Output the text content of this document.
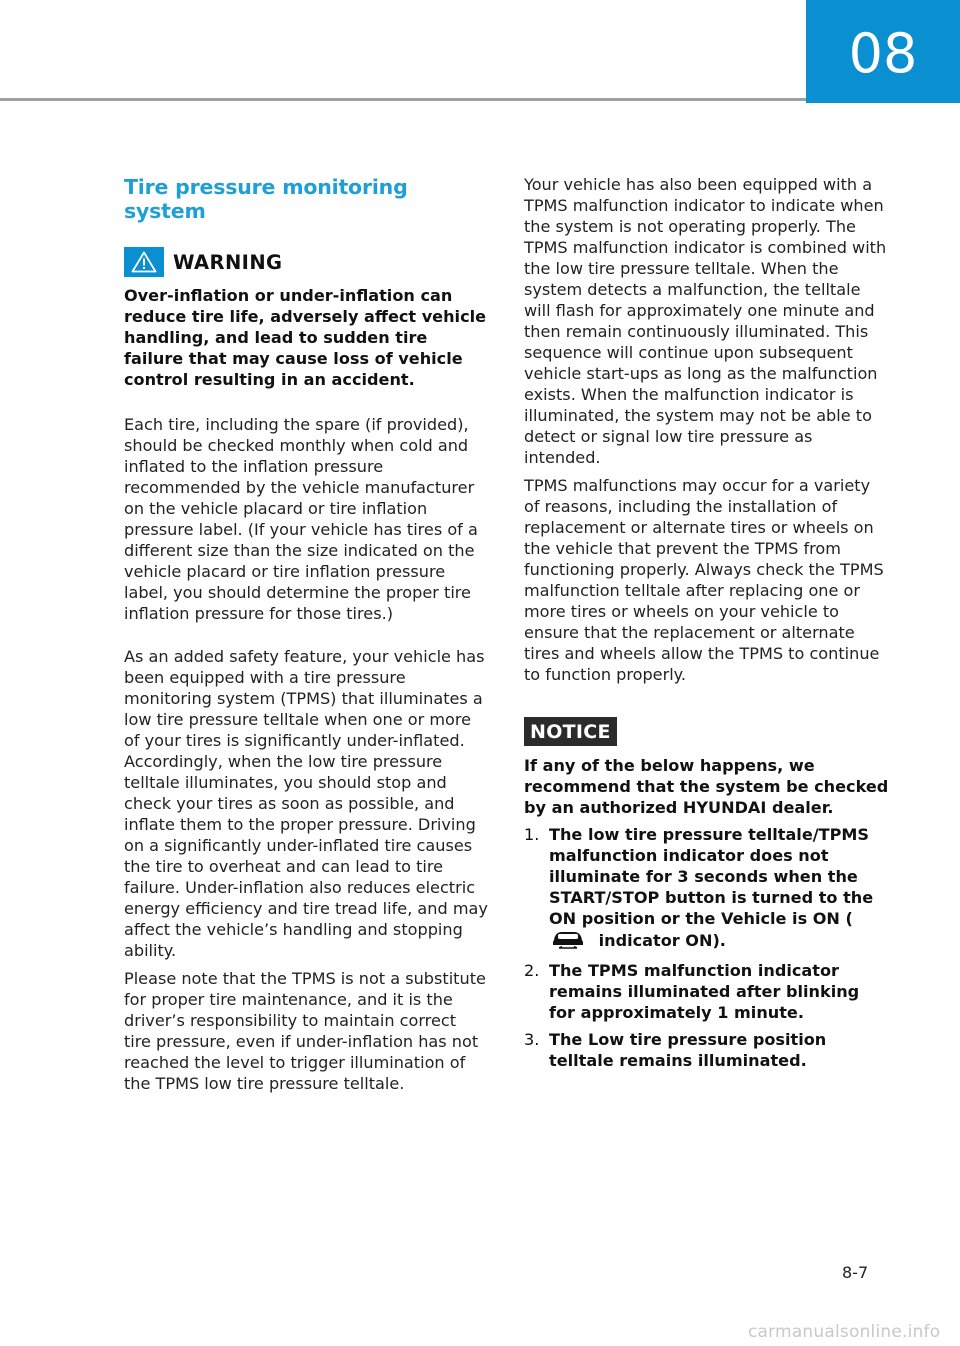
08
Tire pressure monitoring system
WARNING
Over-inflation or under-inflation can reduce tire life, adversely affect vehicle handling, and lead to sudden tire failure that may cause loss of vehicle control resulting in an accident.

Each tire, including the spare (if provided), should be checked monthly when cold and inflated to the inflation pressure recommended by the vehicle manufacturer on the vehicle placard or tire inflation pressure label. (If your vehicle has tires of a different size than the size indicated on the vehicle placard or tire inflation pressure label, you should determine the proper tire inflation pressure for those tires.)

As an added safety feature, your vehicle has been equipped with a tire pressure monitoring system (TPMS) that illuminates a low tire pressure telltale when one or more of your tires is significantly under-inflated. Accordingly, when the low tire pressure telltale illuminates, you should stop and check your tires as soon as possible, and inflate them to the proper pressure. Driving on a significantly under-inflated tire causes the tire to overheat and can lead to tire failure. Under-inflation also reduces electric energy efficiency and tire tread life, and may affect the vehicle’s handling and stopping ability.

Please note that the TPMS is not a substitute for proper tire maintenance, and it is the driver’s responsibility to maintain correct tire pressure, even if under-inflation has not reached the level to trigger illumination of the TPMS low tire pressure telltale.

Your vehicle has also been equipped with a TPMS malfunction indicator to indicate when the system is not operating properly. The TPMS malfunction indicator is combined with the low tire pressure telltale. When the system detects a malfunction, the telltale will flash for approximately one minute and then remain continuously illuminated. This sequence will continue upon subsequent vehicle start-ups as long as the malfunction exists. When the malfunction indicator is illuminated, the system may not be able to detect or signal low tire pressure as intended.

TPMS malfunctions may occur for a variety of reasons, including the installation of replacement or alternate tires or wheels on the vehicle that prevent the TPMS from functioning properly. Always check the TPMS malfunction telltale after replacing one or more tires or wheels on your vehicle to ensure that the replacement or alternate tires and wheels allow the TPMS to continue to function properly.

NOTICE
If any of the below happens, we recommend that the system be checked by an authorized HYUNDAI dealer.
1. The low tire pressure telltale/TPMS malfunction indicator does not illuminate for 3 seconds when the START/STOP button is turned to the ON position or the Vehicle is ON ( indicator ON).
2. The TPMS malfunction indicator remains illuminated after blinking for approximately 1 minute.
3. The Low tire pressure position telltale remains illuminated.
8-7
carmanualsonline.info
